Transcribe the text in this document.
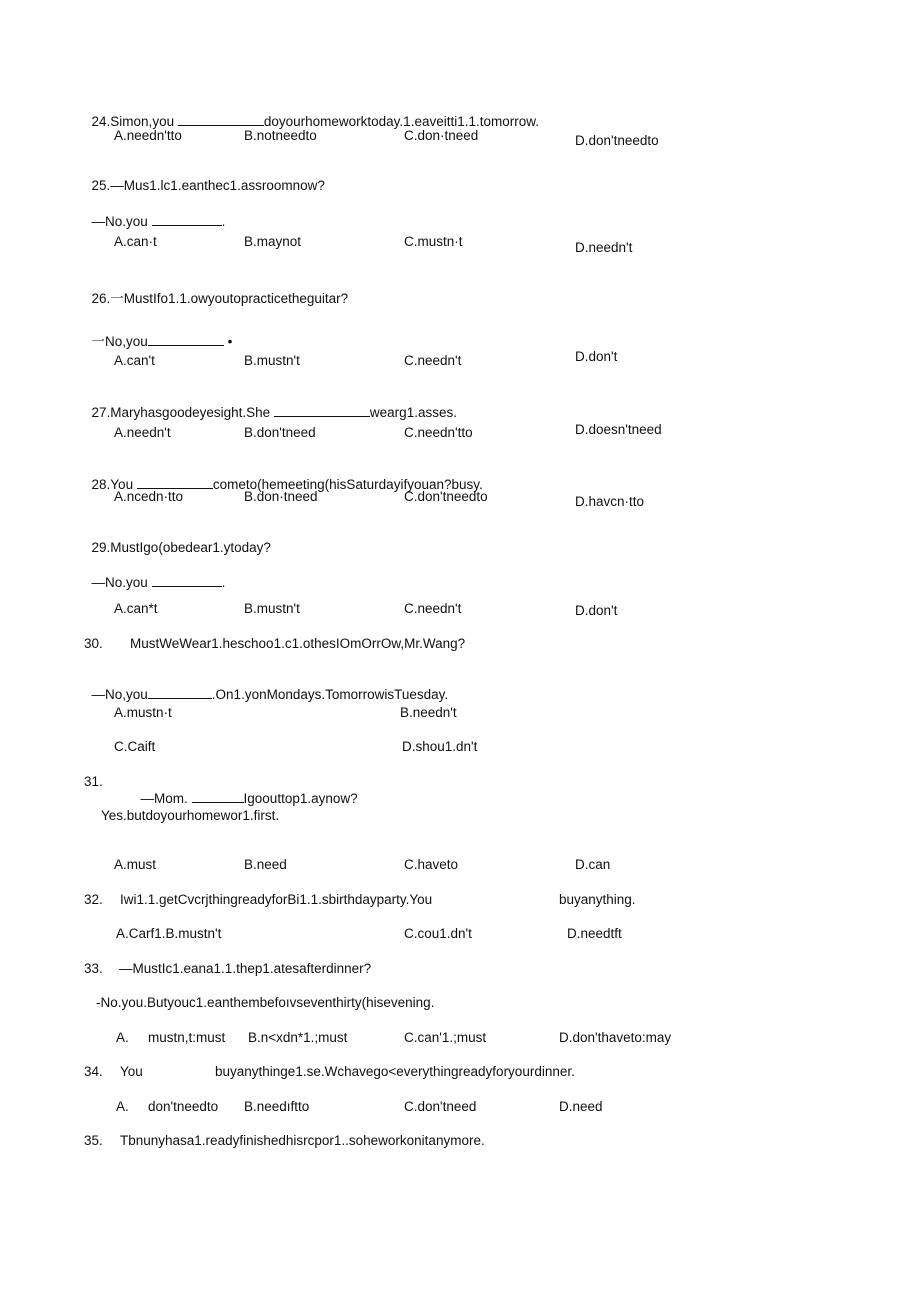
24.Simon,you	doyourhomeworktoday.1.eaveitti1.1.tomorrow.

A.needn'tto	B.notneedto	C.don·tneed	D.don'tneedto

25.—Mus1.lc1.eanthec1.assroomnow?

—No.you	.

A.can·t	B.maynot	C.mustn·t	D.needn't

26.一MustIfo1.1.owyoutopracticetheguitar?

一No,you	•

A.can't	B.mustn't	C.needn't	D.don't

27.Maryhasgoodeyesight.She	wearg1.asses.

A.needn't	B.don'tneed	C.needn'tto	D.doesn'tneed

28.You	cometo(hemeeting(hisSaturdayifyouan?busy.

A.ncedn·tto	B.don·tneed	C.don'tneedto	D.havcn·tto

29.MustIgo(obedear1.ytoday?

—No.you	.

A.can*t	B.mustn't	C.needn't	D.don't
30. MustWeWear1.heschoo1.c1.othesIOmOrrOw,Mr.Wang?

—No,you	.On1.yonMondays.TomorrowisTuesday.

A.mustn·t	B.needn't
C.Caift	D.shou1.dn't
31.

—Mom.	Igoouttop1.aynow?

Yes.butdoyourhomewor1.first.
A.must	B.need	C.haveto	D.can
32. Iwi1.1.getCvcrjthingreadyforBi1.1.sbirthdayparty.You	buyanything.
A.Carf1.B.mustn't	C.cou1.dn't	D.needtft
33. —MustIc1.eana1.1.thep1.atesafterdinner?
-No.you.Butyouc1.eanthembefoıvseventhirty(hisevening.
A. mustn,t:must B.n<xdn*1.;must	C.can'1.;must	D.don'thaveto:may
34. You	buyanythinge1.se.Wchavego<everythingreadyforyourdinner.
A. don'tneedto B.needıftto	C.don'tneed	D.need
35. Tbnunyhasa1.readyfinishedhisrcpor1..soheworkonitanymore.
